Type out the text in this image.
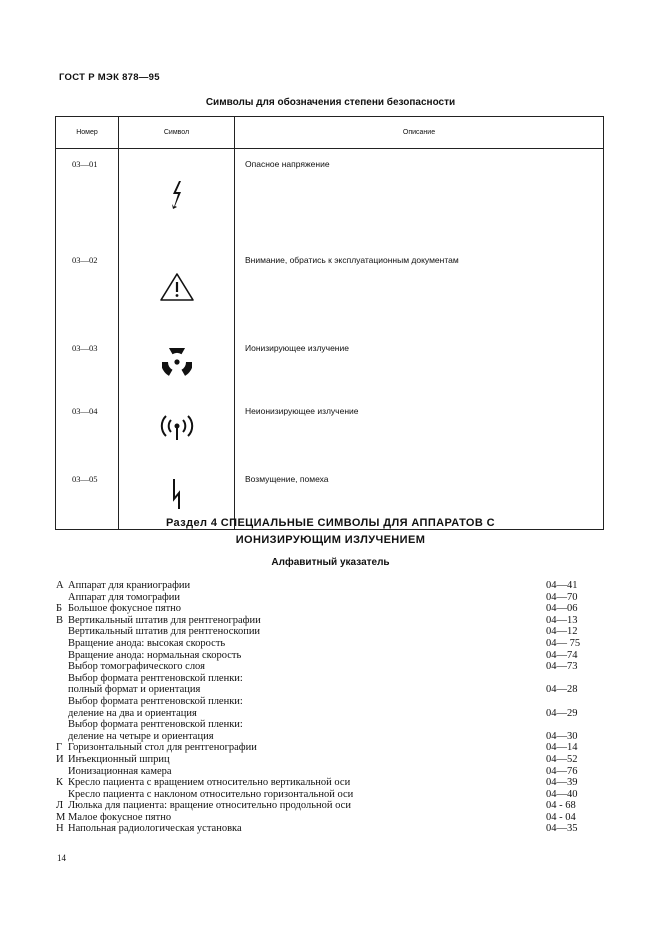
ГОСТ Р МЭК 878—95
Символы для обозначения степени безопасности
Номер	Символ	Описание
03—01		Опасное напряжение
03—02		Внимание, обратись к эксплуатационным документам
03—03		Ионизирующее излучение
03—04		Неионизирующее излучение
03—05		Возмущение, помеха
Раздел 4 СПЕЦИАЛЬНЫЕ СИМВОЛЫ ДЛЯ АППАРАТОВ С
ИОНИЗИРУЮЩИМ ИЗЛУЧЕНИЕМ
Алфавитный указатель
А Аппарат для краниографии	04—41
Аппарат для томографии	04—70
Б Большое фокусное пятно	04—06
В Вертикальный штатив для рентгенографии	04—13
Вертикальный штатив для рентгеноскопии	04—12
Вращение анода: высокая скорость	04— 75
Вращение анода: нормальная скорость	04—74
Выбор томографического слоя	04—73
Выбор формата рентгеновской пленки:
полный формат и ориентация	04—28
Выбор формата рентгеновской пленки:
деление на два и ориентация	04—29
Выбор формата рентгеновской пленки:
деление на четыре и ориентация	04—30
Г Горизонтальный стол для рентгенографии	04—14
И Инъекционный шприц	04—52
Ионизационная камера	04—76
К Кресло пациента с вращением относительно вертикальной оси	04—39
Кресло пациента с наклоном относительно горизонтальной оси	04—40
Л Люлька для пациента: вращение относительно продольной оси	04 - 68
М Малое фокусное пятно	04 - 04
Н Напольная радиологическая установка	04—35
14
